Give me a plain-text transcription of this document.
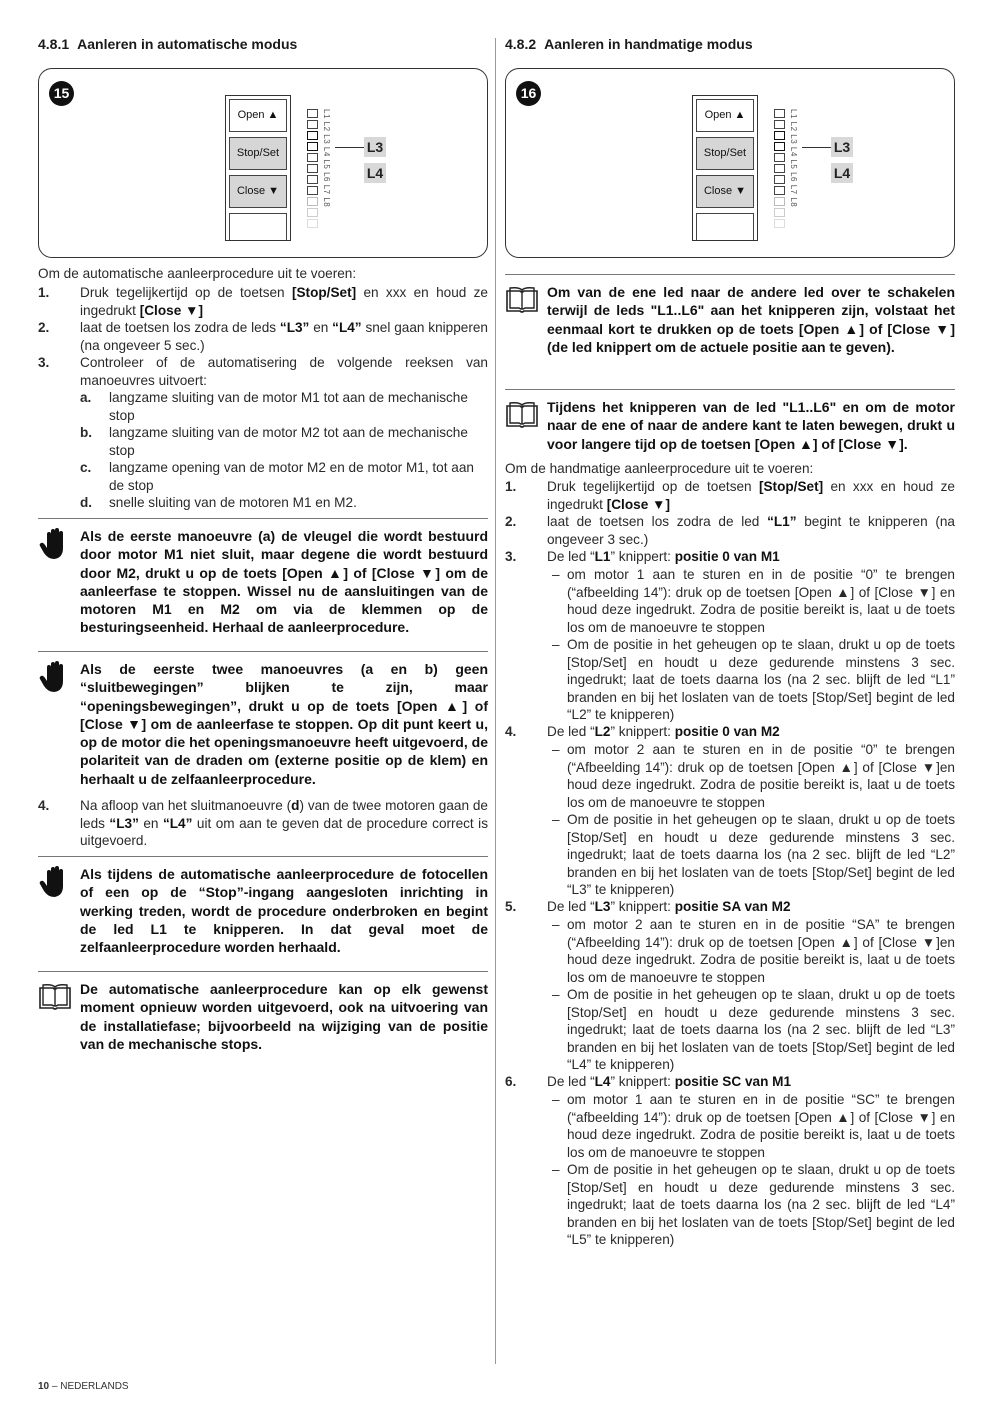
4.8.1 Aanleren in automatische modus
15
Open ▲
Stop/Set
Close ▼	L1 L2 L3 L4 L5 L6 L7 L8	L3
L4
Om de automatische aanleerprocedure uit te voeren:
1. Druk tegelijkertijd op de toetsen [Stop/Set] en xxx en houd ze ingedrukt [Close ▼]
2. laat de toetsen los zodra de leds “L3” en “L4” snel gaan knipperen (na ongeveer 5 sec.)
3. Controleer of de automatisering de volgende reeksen van manoeuvres uitvoert:
a. langzame sluiting van de motor M1 tot aan de mechanische stop
b. langzame sluiting van de motor M2 tot aan de mechanische stop
c. langzame opening van de motor M2 en de motor M1, tot aan de stop
d. snelle sluiting van de motoren M1 en M2.
Als de eerste manoeuvre (a) de vleugel die wordt bestuurd door motor M1 niet sluit, maar degene die wordt bestuurd door M2, drukt u op de toets [Open ▲] of [Close ▼] om de aanleerfase te stoppen. Wissel nu de aansluitingen van de motoren M1 en M2 om via de klemmen op de besturingseenheid. Herhaal de aanleerprocedure.
Als de eerste twee manoeuvres (a en b) geen “sluitbewegingen” blijken te zijn, maar “openingsbewegingen”, drukt u op de toets [Open ▲] of [Close ▼] om de aanleerfase te stoppen. Op dit punt keert u, op de motor die het openingsmanoeuvre heeft uitgevoerd, de polariteit van de draden om (externe positie op de klem) en herhaalt u de zelfaanleerprocedure.
4. Na afloop van het sluitmanoeuvre (d) van de twee motoren gaan de leds “L3” en “L4” uit om aan te geven dat de procedure correct is uitgevoerd.
Als tijdens de automatische aanleerprocedure de fotocellen of een op de “Stop”-ingang aangesloten inrichting in werking treden, wordt de procedure onderbroken en begint de led L1 te knipperen. In dat geval moet de zelfaanleerprocedure worden herhaald.
De automatische aanleerprocedure kan op elk gewenst moment opnieuw worden uitgevoerd, ook na uitvoering van de installatiefase; bijvoorbeeld na wijziging van de positie van de mechanische stops.
4.8.2 Aanleren in handmatige modus
16
Open ▲
Stop/Set
Close ▼	L1 L2 L3 L4 L5 L6 L7 L8	L3
L4
Om van de ene led naar de andere led over te schakelen terwijl de leds "L1..L6" aan het knipperen zijn, volstaat het eenmaal kort te drukken op de toets [Open ▲] of [Close ▼] (de led knippert om de actuele positie aan te geven).
Tijdens het knipperen van de led "L1..L6" en om de motor naar de ene of naar de andere kant te laten bewegen, drukt u voor langere tijd op de toetsen [Open ▲] of [Close ▼].
Om de handmatige aanleerprocedure uit te voeren:
1. Druk tegelijkertijd op de toetsen [Stop/Set] en xxx en houd ze ingedrukt [Close ▼]
2. laat de toetsen los zodra de led “L1” begint te knipperen (na ongeveer 3 sec.)
3. De led “L1” knippert: positie 0 van M1
– om motor 1 aan te sturen en in de positie “0” te brengen (“afbeelding 14”): druk op de toetsen [Open ▲] of [Close ▼] en houd deze ingedrukt. Zodra de positie bereikt is, laat u de toets los om de manoeuvre te stoppen
– Om de positie in het geheugen op te slaan, drukt u op de toets [Stop/Set] en houdt u deze gedurende minstens 3 sec. ingedrukt; laat de toets daarna los (na 2 sec. blijft de led “L1” branden en bij het loslaten van de toets [Stop/Set] begint de led “L2” te knipperen)
4. De led “L2” knippert: positie 0 van M2
– om motor 2 aan te sturen en in de positie “0” te brengen (“Afbeelding 14”): druk op de toetsen [Open ▲] of [Close ▼]en houd deze ingedrukt. Zodra de positie bereikt is, laat u de toets los om de manoeuvre te stoppen
– Om de positie in het geheugen op te slaan, drukt u op de toets [Stop/Set] en houdt u deze gedurende minstens 3 sec. ingedrukt; laat de toets daarna los (na 2 sec. blijft de led “L2” branden en bij het loslaten van de toets [Stop/Set] begint de led “L3” te knipperen)
5. De led “L3” knippert: positie SA van M2
– om motor 2 aan te sturen en in de positie “SA” te brengen (“Afbeelding 14”): druk op de toetsen [Open ▲] of [Close ▼]en houd deze ingedrukt. Zodra de positie bereikt is, laat u de toets los om de manoeuvre te stoppen
– Om de positie in het geheugen op te slaan, drukt u op de toets [Stop/Set] en houdt u deze gedurende minstens 3 sec. ingedrukt; laat de toets daarna los (na 2 sec. blijft de led “L3” branden en bij het loslaten van de toets [Stop/Set] begint de led “L4” te knipperen)
6. De led “L4” knippert: positie SC van M1
– om motor 1 aan te sturen en in de positie “SC” te brengen (“afbeelding 14”): druk op de toetsen [Open ▲] of [Close ▼] en houd deze ingedrukt. Zodra de positie bereikt is, laat u de toets los om de manoeuvre te stoppen
– Om de positie in het geheugen op te slaan, drukt u op de toets [Stop/Set] en houdt u deze gedurende minstens 3 sec. ingedrukt; laat de toets daarna los (na 2 sec. blijft de led “L4” branden en bij het loslaten van de toets [Stop/Set] begint de led “L5” te knipperen)
10 – NEDERLANDS
